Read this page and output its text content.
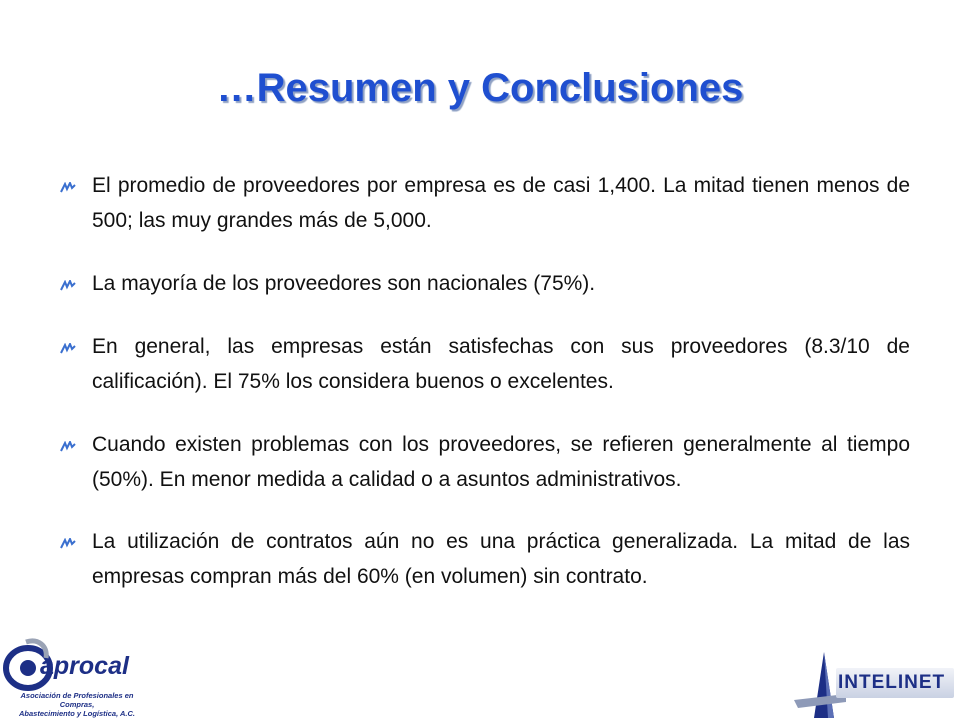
…Resumen y Conclusiones
El promedio de proveedores por empresa es de casi 1,400. La mitad tienen menos de 500; las muy grandes más de 5,000.
La mayoría de los proveedores son nacionales (75%).
En general, las empresas están satisfechas con sus proveedores (8.3/10 de calificación). El 75% los considera buenos o excelentes.
Cuando existen problemas con los proveedores, se refieren generalmente al tiempo (50%). En menor medida a calidad o a asuntos administrativos.
La utilización de contratos aún no es una práctica generalizada. La mitad de las empresas compran más del 60% (en volumen) sin contrato.
aprocal
Asociación de Profesionales en Compras,
Abastecimiento y Logística, A.C.
INTELINET
